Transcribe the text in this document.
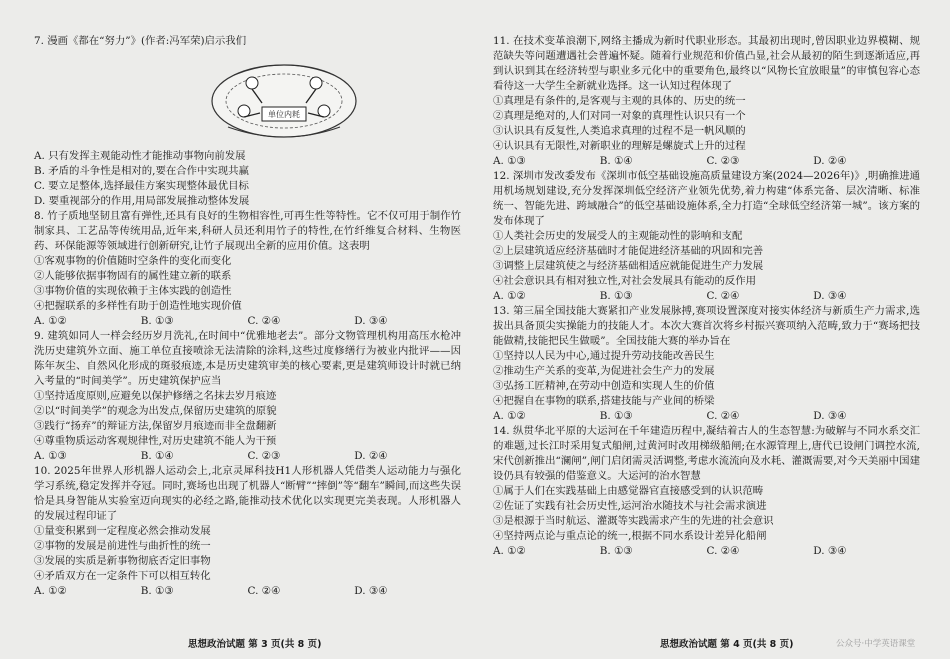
7. 漫画《都在“努力”》(作者:冯军荣)启示我们

单位内耗

A. 只有发挥主观能动性才能推动事物向前发展

B. 矛盾的斗争性是相对的,要在合作中实现共赢

C. 要立足整体,选择最佳方案实现整体最优目标

D. 要重视部分的作用,用局部发展推动整体发展

8. 竹子质地坚韧且富有弹性,还具有良好的生物相容性,可再生性等特性。它不仅可用于制作竹制家具、工艺品等传统用品,近年来,科研人员还利用竹子的特性,在竹纤维复合材料、生物医药、环保能源等领域进行创新研究,让竹子展现出全新的应用价值。这表明

①客观事物的价值随时空条件的变化而变化

②人能够依据事物固有的属性建立新的联系

③事物价值的实现依赖于主体实践的创造性

④把握联系的多样性有助于创造性地实现价值

A. ①②	B. ①③	C. ②④	D. ③④

9. 建筑如同人一样会经历岁月洗礼,在时间中“优雅地老去”。部分文物管理机构用高压水枪冲洗历史建筑外立面、施工单位直接喷涂无法清除的涂料,这些过度修缮行为被业内批评——因陈年灰尘、自然风化形成的斑驳痕迹,本是历史建筑审美的核心要素,更是建筑师设计时就已纳入考量的“时间美学”。历史建筑保护应当

①坚持适度原则,应避免以保护修缮之名抹去岁月痕迹

②以“时间美学”的观念为出发点,保留历史建筑的原貌

③践行“扬弃”的辩证方法,保留岁月痕迹而非全盘翻新

④尊重物质运动客观规律性,对历史建筑不能人为干预

A. ①③	B. ①④	C. ②③	D. ②④

10. 2025年世界人形机器人运动会上,北京灵犀科技H1人形机器人凭借类人运动能力与强化学习系统,稳定发挥并夺冠。同时,赛场也出现了机器人“断臂”“摔倒”等“翻车”瞬间,而这些失误恰是具身智能从实验室迈向现实的必经之路,能推动技术优化以实现更完美表现。人形机器人的发展过程印证了

①量变积累到一定程度必然会推动发展

②事物的发展是前进性与曲折性的统一

③发展的实质是新事物彻底否定旧事物

④矛盾双方在一定条件下可以相互转化

A. ①②	B. ①③	C. ②④	D. ③④

11. 在技术变革浪潮下,网络主播成为新时代职业形态。其最初出现时,曾因职业边界模糊、规范缺失等问题遭遇社会普遍怀疑。随着行业规范和价值凸显,社会从最初的陌生到逐渐适应,再到认识到其在经济转型与职业多元化中的重要角色,最终以“风物长宜放眼量”的审慎包容心态看待这一大学生全新就业选择。这一认知过程体现了

①真理是有条件的,是客观与主观的具体的、历史的统一

②真理是绝对的,人们对同一对象的真理性认识只有一个

③认识具有反复性,人类追求真理的过程不是一帆风顺的

④认识具有无限性,对新职业的理解是螺旋式上升的过程

A. ①③	B. ①④	C. ②③	D. ②④

12. 深圳市发改委发布《深圳市低空基础设施高质量建设方案(2024—2026年)》,明确推进通用机场规划建设,充分发挥深圳低空经济产业领先优势,着力构建“体系完备、层次清晰、标准统一、智能先进、跨域融合”的低空基础设施体系,全力打造“全球低空经济第一城”。该方案的发布体现了

①人类社会历史的发展受人的主观能动性的影响和支配

②上层建筑适应经济基础时才能促进经济基础的巩固和完善

③调整上层建筑使之与经济基础相适应就能促进生产力发展

④社会意识具有相对独立性,对社会发展具有能动的反作用

A. ①②	B. ①③	C. ②④	D. ③④

13. 第三届全国技能大赛紧扣产业发展脉搏,赛项设置深度对接实体经济与新质生产力需求,选拔出具备顶尖实操能力的技能人才。本次大赛首次将乡村振兴赛项纳入范畴,致力于“赛场把技能做精,技能把民生做暖”。全国技能大赛的举办旨在

①坚持以人民为中心,通过提升劳动技能改善民生

②推动生产关系的变革,为促进社会生产力的发展

③弘扬工匠精神,在劳动中创造和实现人生的价值

④把握自在事物的联系,搭建技能与产业间的桥梁

A. ①②	B. ①③	C. ②④	D. ③④

14. 纵贯华北平原的大运河在千年建造历程中,凝结着古人的生态智慧:为破解与不同水系交汇的难题,过长江时采用复式船闸,过黄河时改用梯级船闸;在水源管理上,唐代已设闸门调控水流,宋代创新推出“澜闸”,闸门启闭需灵活调整,考虑水流流向及水耗、灌溉需要,对今天美丽中国建设仍具有较强的借鉴意义。大运河的治水智慧

①属于人们在实践基础上由感觉器官直接感受到的认识范畴

②佐证了实践有社会历史性,运河治水随技术与社会需求演进

③是根源于当时航运、灌溉等实践需求产生的先进的社会意识

④坚持两点论与重点论的统一,根据不同水系设计差异化船闸

A. ①②	B. ①③	C. ②④	D. ③④
思想政治试题 第 3 页(共 8 页)	思想政治试题 第 4 页(共 8 页)	公众号·中学英语课堂
